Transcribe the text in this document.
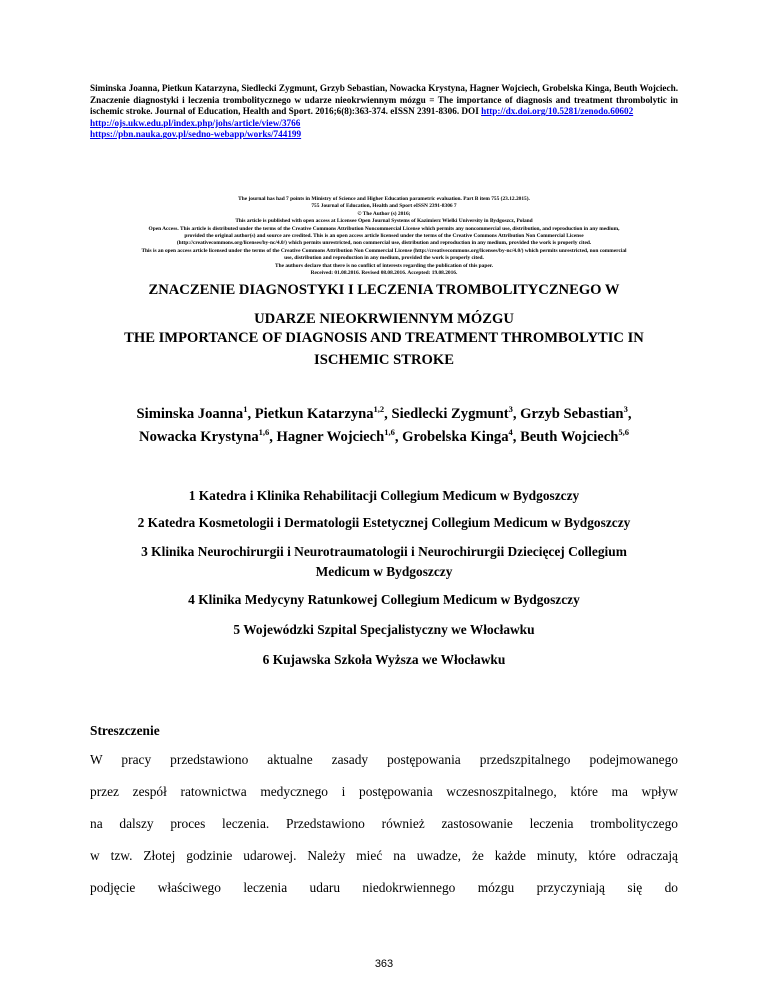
Siminska Joanna, Pietkun Katarzyna, Siedlecki Zygmunt, Grzyb Sebastian, Nowacka Krystyna, Hagner Wojciech, Grobelska Kinga, Beuth Wojciech. Znaczenie diagnostyki i leczenia trombolitycznego w udarze nieokrwiennym mózgu = The importance of diagnosis and treatment thrombolytic in ischemic stroke. Journal of Education, Health and Sport. 2016;6(8):363-374. eISSN 2391-8306. DOI http://dx.doi.org/10.5281/zenodo.60602
http://ojs.ukw.edu.pl/index.php/johs/article/view/3766
https://pbn.nauka.gov.pl/sedno-webapp/works/744199
The journal has had 7 points in Ministry of Science and Higher Education parametric evaluation. Part B item 755 (23.12.2015).
755 Journal of Education, Health and Sport eISSN 2391-8306 7
© The Author (s) 2016;
This article is published with open access at Licensee Open Journal Systems of Kazimierz Wielki University in Bydgoszcz, Poland
Open Access. This article is distributed under the terms of the Creative Commons Attribution Noncommercial License which permits any noncommercial use, distribution, and reproduction in any medium,
provided the original author(s) and source are credited. This is an open access article licensed under the terms of the Creative Commons Attribution Non Commercial License
(http://creativecommons.org/licenses/by-nc/4.0/) which permits unrestricted, non commercial use, distribution and reproduction in any medium, provided the work is properly cited.
This is an open access article licensed under the terms of the Creative Commons Attribution Non Commercial License (http://creativecommons.org/licenses/by-nc/4.0/) which permits unrestricted, non commercial
use, distribution and reproduction in any medium, provided the work is properly cited.
The authors declare that there is no conflict of interests regarding the publication of this paper.
Received: 01.08.2016. Revised 08.08.2016. Accepted: 19.08.2016.
ZNACZENIE DIAGNOSTYKI I LECZENIA TROMBOLITYCZNEGO W
UDARZE NIEOKRWIENNYM MÓZGU
THE IMPORTANCE OF DIAGNOSIS AND TREATMENT THROMBOLYTIC IN
ISCHEMIC STROKE
Siminska Joanna$^1$, Pietkun Katarzyna$^{1,2}$, Siedlecki Zygmunt$^3$, Grzyb Sebastian$^3$,
Nowacka Krystyna$^{1,6}$, Hagner Wojciech$^{1,6}$, Grobelska Kinga$^4$, Beuth Wojciech$^{5,6}$
1 Katedra i Klinika Rehabilitacji Collegium Medicum w Bydgoszczy
2 Katedra Kosmetologii i Dermatologii Estetycznej Collegium Medicum w Bydgoszczy
3 Klinika Neurochirurgii i Neurotraumatologii i Neurochirurgii Dziecięcej Collegium
Medicum w Bydgoszczy
4 Klinika Medycyny Ratunkowej Collegium Medicum w Bydgoszczy
5 Wojewódzki Szpital Specjalistyczny we Włocławku
6 Kujawska Szkoła Wyższa we Włocławku
Streszczenie
W pracy przedstawiono aktualne zasady postępowania przedszpitalnego podejmowanego
przez zespół ratownictwa medycznego i postępowania wczesnoszpitalnego, które ma wpływ
na dalszy proces leczenia. Przedstawiono również zastosowanie leczenia trombolityczego
w tzw. Złotej godzinie udarowej. Należy mieć na uwadze, że każde minuty, które odraczają
podjęcie właściwego leczenia udaru niedokrwiennego mózgu przyczyniają się do
363
